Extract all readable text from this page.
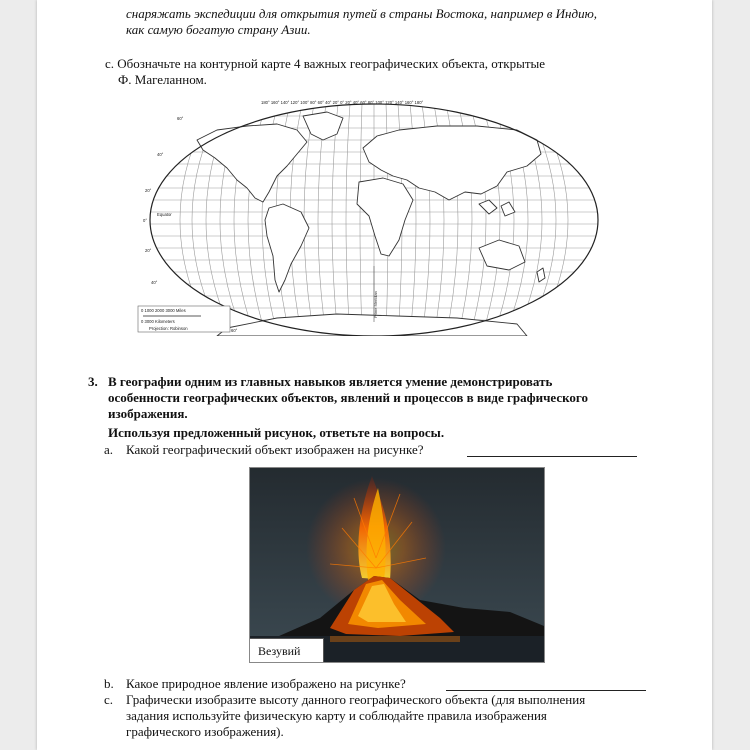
снаряжать экспедиции для открытия путей в страны Востока, например в Индию,
как самую богатую страну Азии.
c. Обозначьте на контурной карте 4 важных географических объекта, открытые
Ф. Магеланном.
Prime Meridian
180° 160° 140° 120° 100° 80° 60° 40° 20° 0° 20° 40° 60° 80° 100° 120° 140° 160° 180°
60°
40°
20°
0°
Equator
20°
40°
60°
0 1000 2000 3000 Miles
0 3000 Kilometers
Projection: Robinson
3. В географии одним из главных навыков является умение демонстрировать
особенности географических объектов, явлений и процессов в виде графического
изображения.
Используя предложенный рисунок, ответьте на вопросы.
a. Какой географический объект изображен на рисунке?
Везувий
b. Какое природное явление изображено на рисунке?
c. Графически изобразите высоту данного географического объекта (для выполнения
задания используйте физическую карту и соблюдайте правила изображения
графического изображения).
